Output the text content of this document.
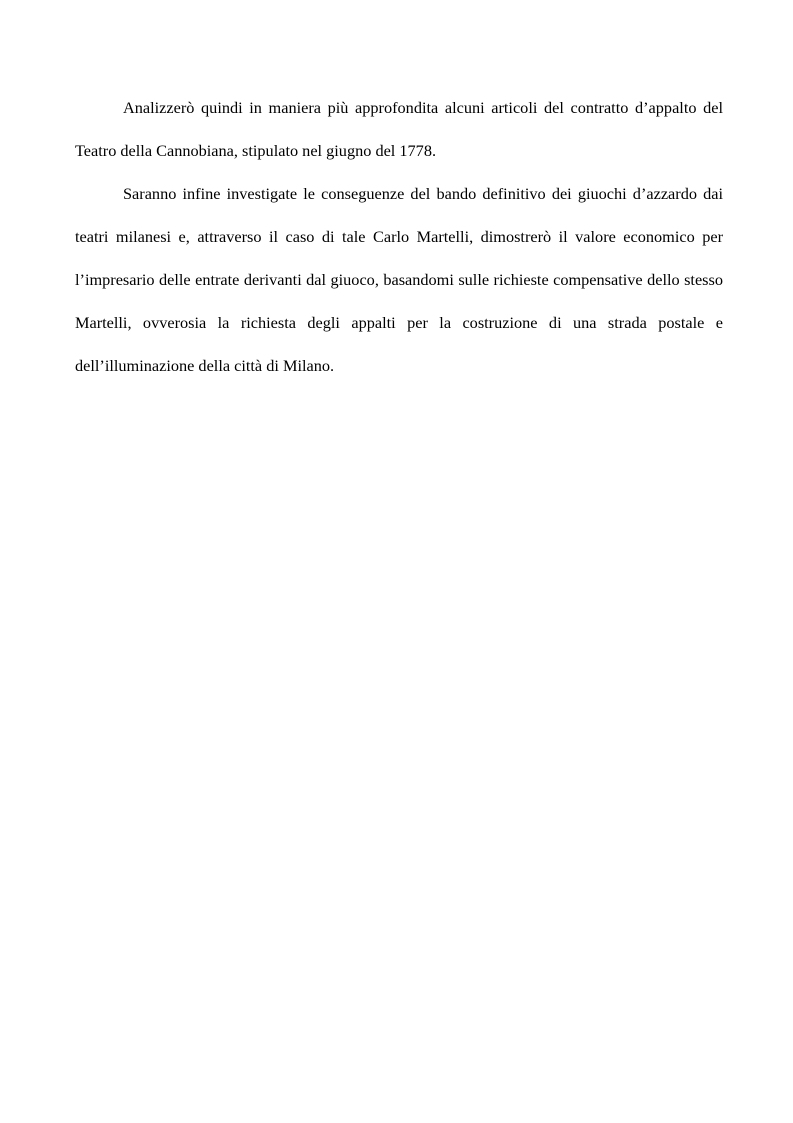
Analizzerò quindi in maniera più approfondita alcuni articoli del contratto d’appalto del Teatro della Cannobiana, stipulato nel giugno del 1778.

Saranno infine investigate le conseguenze del bando definitivo dei giuochi d’azzardo dai teatri milanesi e, attraverso il caso di tale Carlo Martelli, dimostrerò il valore economico per l’impresario delle entrate derivanti dal giuoco, basandomi sulle richieste compensative dello stesso Martelli, ovverosia la richiesta degli appalti per la costruzione di una strada postale e dell’illuminazione della città di Milano.
